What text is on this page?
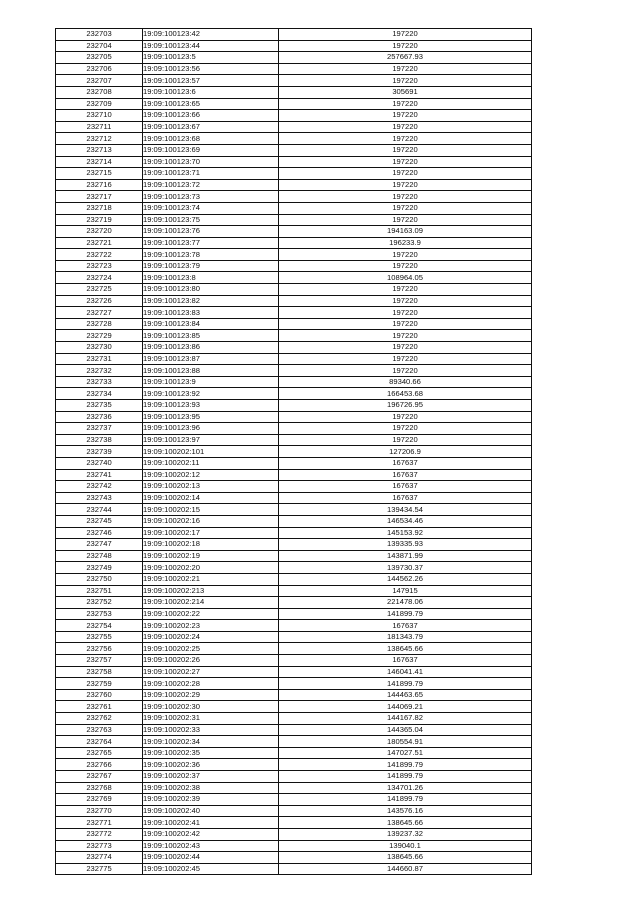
232703	19:09:100123:42	197220
232704	19:09:100123:44	197220
232705	19:09:100123:5	257667.93
232706	19:09:100123:56	197220
232707	19:09:100123:57	197220
232708	19:09:100123:6	305691
232709	19:09:100123:65	197220
232710	19:09:100123:66	197220
232711	19:09:100123:67	197220
232712	19:09:100123:68	197220
232713	19:09:100123:69	197220
232714	19:09:100123:70	197220
232715	19:09:100123:71	197220
232716	19:09:100123:72	197220
232717	19:09:100123:73	197220
232718	19:09:100123:74	197220
232719	19:09:100123:75	197220
232720	19:09:100123:76	194163.09
232721	19:09:100123:77	196233.9
232722	19:09:100123:78	197220
232723	19:09:100123:79	197220
232724	19:09:100123:8	108964.05
232725	19:09:100123:80	197220
232726	19:09:100123:82	197220
232727	19:09:100123:83	197220
232728	19:09:100123:84	197220
232729	19:09:100123:85	197220
232730	19:09:100123:86	197220
232731	19:09:100123:87	197220
232732	19:09:100123:88	197220
232733	19:09:100123:9	89340.66
232734	19:09:100123:92	166453.68
232735	19:09:100123:93	196726.95
232736	19:09:100123:95	197220
232737	19:09:100123:96	197220
232738	19:09:100123:97	197220
232739	19:09:100202:101	127206.9
232740	19:09:100202:11	167637
232741	19:09:100202:12	167637
232742	19:09:100202:13	167637
232743	19:09:100202:14	167637
232744	19:09:100202:15	139434.54
232745	19:09:100202:16	146534.46
232746	19:09:100202:17	145153.92
232747	19:09:100202:18	139335.93
232748	19:09:100202:19	143871.99
232749	19:09:100202:20	139730.37
232750	19:09:100202:21	144562.26
232751	19:09:100202:213	147915
232752	19:09:100202:214	221478.06
232753	19:09:100202:22	141899.79
232754	19:09:100202:23	167637
232755	19:09:100202:24	181343.79
232756	19:09:100202:25	138645.66
232757	19:09:100202:26	167637
232758	19:09:100202:27	146041.41
232759	19:09:100202:28	141899.79
232760	19:09:100202:29	144463.65
232761	19:09:100202:30	144069.21
232762	19:09:100202:31	144167.82
232763	19:09:100202:33	144365.04
232764	19:09:100202:34	180554.91
232765	19:09:100202:35	147027.51
232766	19:09:100202:36	141899.79
232767	19:09:100202:37	141899.79
232768	19:09:100202:38	134701.26
232769	19:09:100202:39	141899.79
232770	19:09:100202:40	143576.16
232771	19:09:100202:41	138645.66
232772	19:09:100202:42	139237.32
232773	19:09:100202:43	139040.1
232774	19:09:100202:44	138645.66
232775	19:09:100202:45	144660.87
